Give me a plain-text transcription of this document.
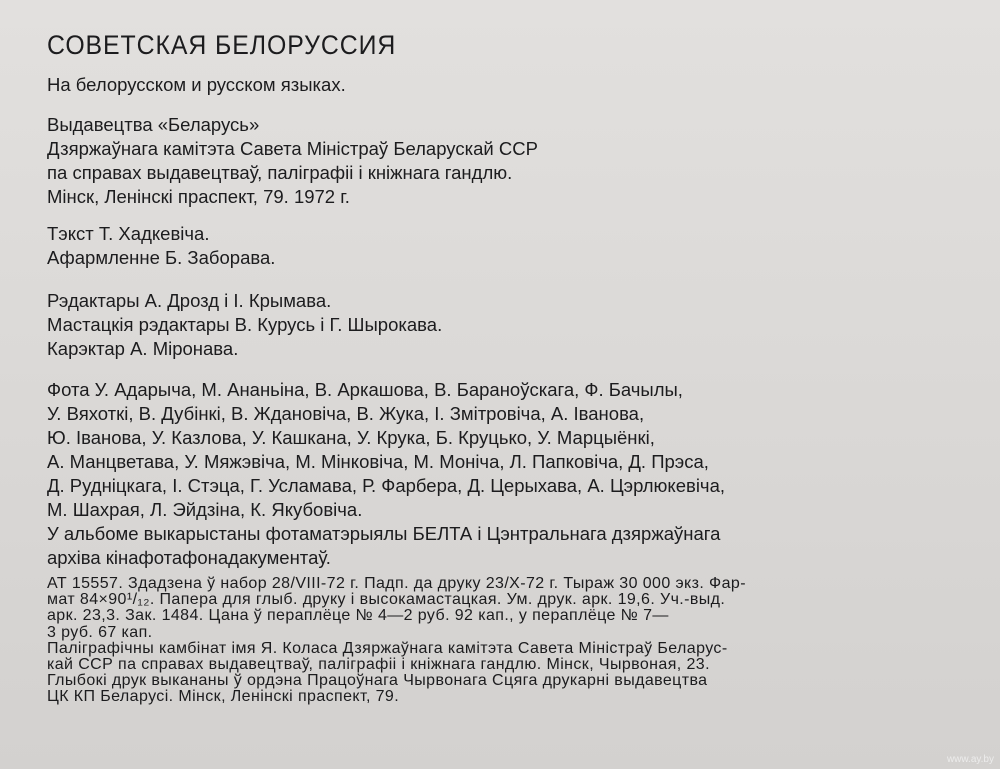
СОВЕТСКАЯ БЕЛОРУССИЯ
На белорусском и русском языках.
Выдавецтва «Беларусь»
Дзяржаўнага камітэта Савета Міністраў Беларускай ССР
па справах выдавецтваў, паліграфіі і кніжнага гандлю.
Мінск, Ленінскі праспект, 79. 1972 г.
Тэкст Т. Хадкевіча.
Афармленне Б. Заборава.
Рэдактары А. Дрозд і І. Крымава.
Мастацкія рэдактары В. Курусь і Г. Шырокава.
Карэктар А. Міронава.
Фота У. Адарыча, М. Ананьіна, В. Аркашова, В. Бараноўскага, Ф. Бачылы,
У. Вяхоткі, В. Дубінкі, В. Ждановіча, В. Жука, І. Змітровіча, А. Іванова,
Ю. Іванова, У. Казлова, У. Кашкана, У. Крука, Б. Круцько, У. Марцыёнкі,
А. Манцветава, У. Мяжэвіча, М. Мінковіча, М. Моніча, Л. Папковіча, Д. Прэса,
Д. Рудніцкага, І. Стэца, Г. Усламава, Р. Фарбера, Д. Церыхава, А. Цэрлюкевіча,
М. Шахрая, Л. Эйдзіна, К. Якубовіча.
У альбоме выкарыстаны фотаматэрыялы БЕЛТА і Цэнтральнага дзяржаўнага
архіва кінафотафонадакументаў.
АТ 15557. Здадзена ў набор 28/VIII-72 г. Падп. да друку 23/X-72 г. Тыраж 30 000 экз. Фар-
мат 84×90¹/₁₂. Папера для глыб. друку і высокамастацкая. Ум. друк. арк. 19,6. Уч.-выд.
арк. 23,3. Зак. 1484. Цана ў пераплёце № 4—2 руб. 92 кап., у пераплёце № 7—
3 руб. 67 кап.
Паліграфічны камбінат імя Я. Коласа Дзяржаўнага камітэта Савета Міністраў Беларус-
кай ССР па справах выдавецтваў, паліграфіі і кніжнага гандлю. Мінск, Чырвоная, 23.
Глыбокі друк выкананы ў ордэна Працоўнага Чырвонага Сцяга друкарні выдавецтва
ЦК КП Беларусі. Мінск, Ленінскі праспект, 79.
www.ay.by
